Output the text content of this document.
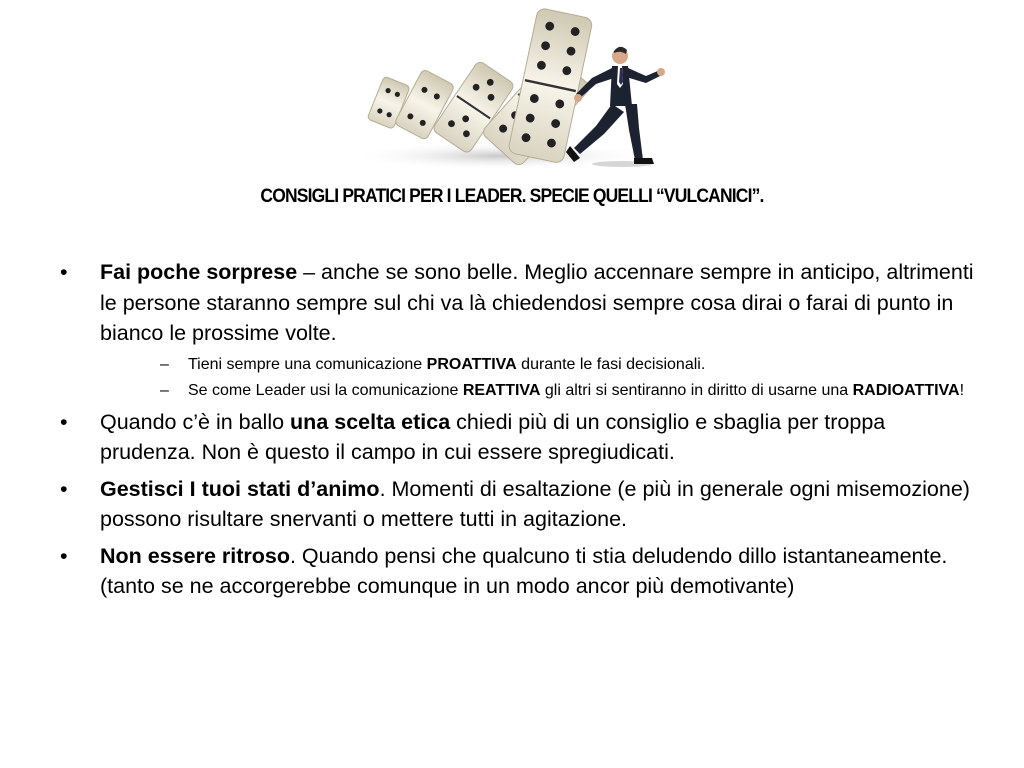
CONSIGLI PRATICI PER I LEADER. SPECIE QUELLI “VULCANICI”.
• Fai poche sorprese – anche se sono belle. Meglio accennare sempre in anticipo, altrimenti le persone staranno sempre sul chi va là chiedendosi sempre cosa dirai o farai di punto in bianco le prossime volte.
– Tieni sempre una comunicazione PROATTIVA durante le fasi decisionali.
– Se come Leader usi la comunicazione REATTIVA gli altri si sentiranno in diritto di usarne una RADIOATTIVA!
• Quando c’è in ballo una scelta etica chiedi più di un consiglio e sbaglia per troppa prudenza. Non è questo il campo in cui essere spregiudicati.
• Gestisci I tuoi stati d’animo. Momenti di esaltazione (e più in generale ogni misemozione) possono risultare snervanti o mettere tutti in agitazione.
• Non essere ritroso. Quando pensi che qualcuno ti stia deludendo dillo istantaneamente. (tanto se ne accorgerebbe comunque in un modo ancor più demotivante)
